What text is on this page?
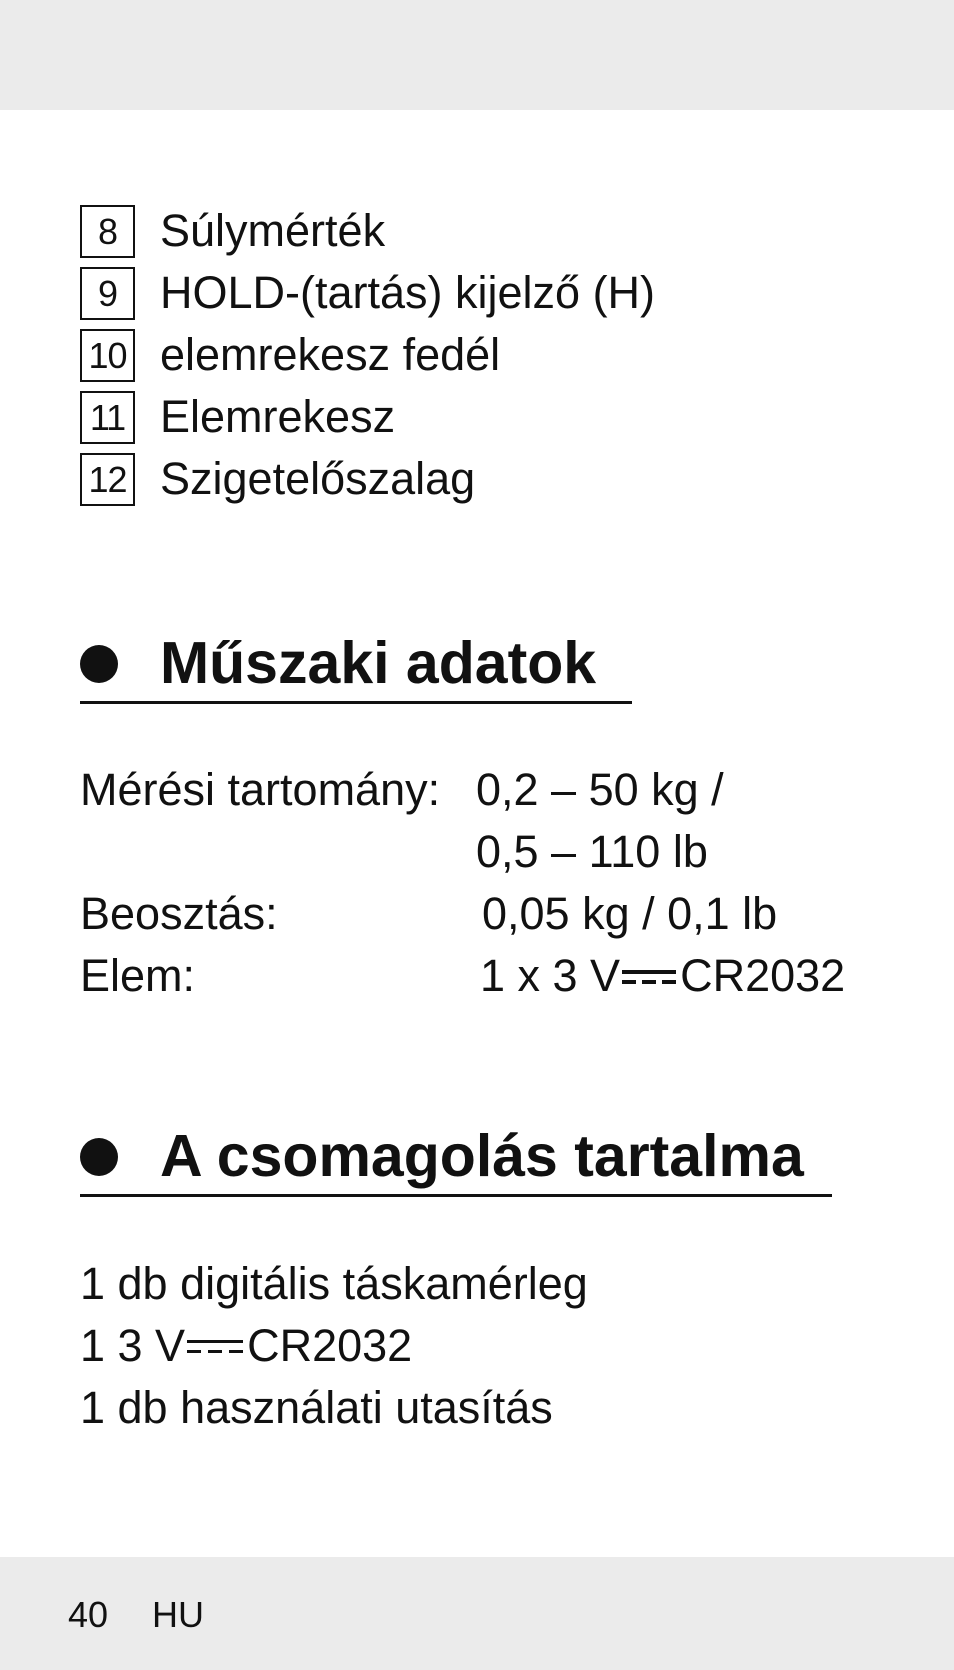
8 Súlymérték
9 HOLD-(tartás) kijelző (H)
10 elemrekesz fedél
11 Elemrekesz
12 Szigetelőszalag
Műszaki adatok
Mérési tartomány: 0,2 – 50 kg /
0,5 – 110 lb
Beosztás:	0,05 kg / 0,1 lb
Elem:	1 x 3 V CR2032
A csomagolás tartalma
1 db digitális táskamérleg
1 3 V CR2032
1 db használati utasítás
40 HU
